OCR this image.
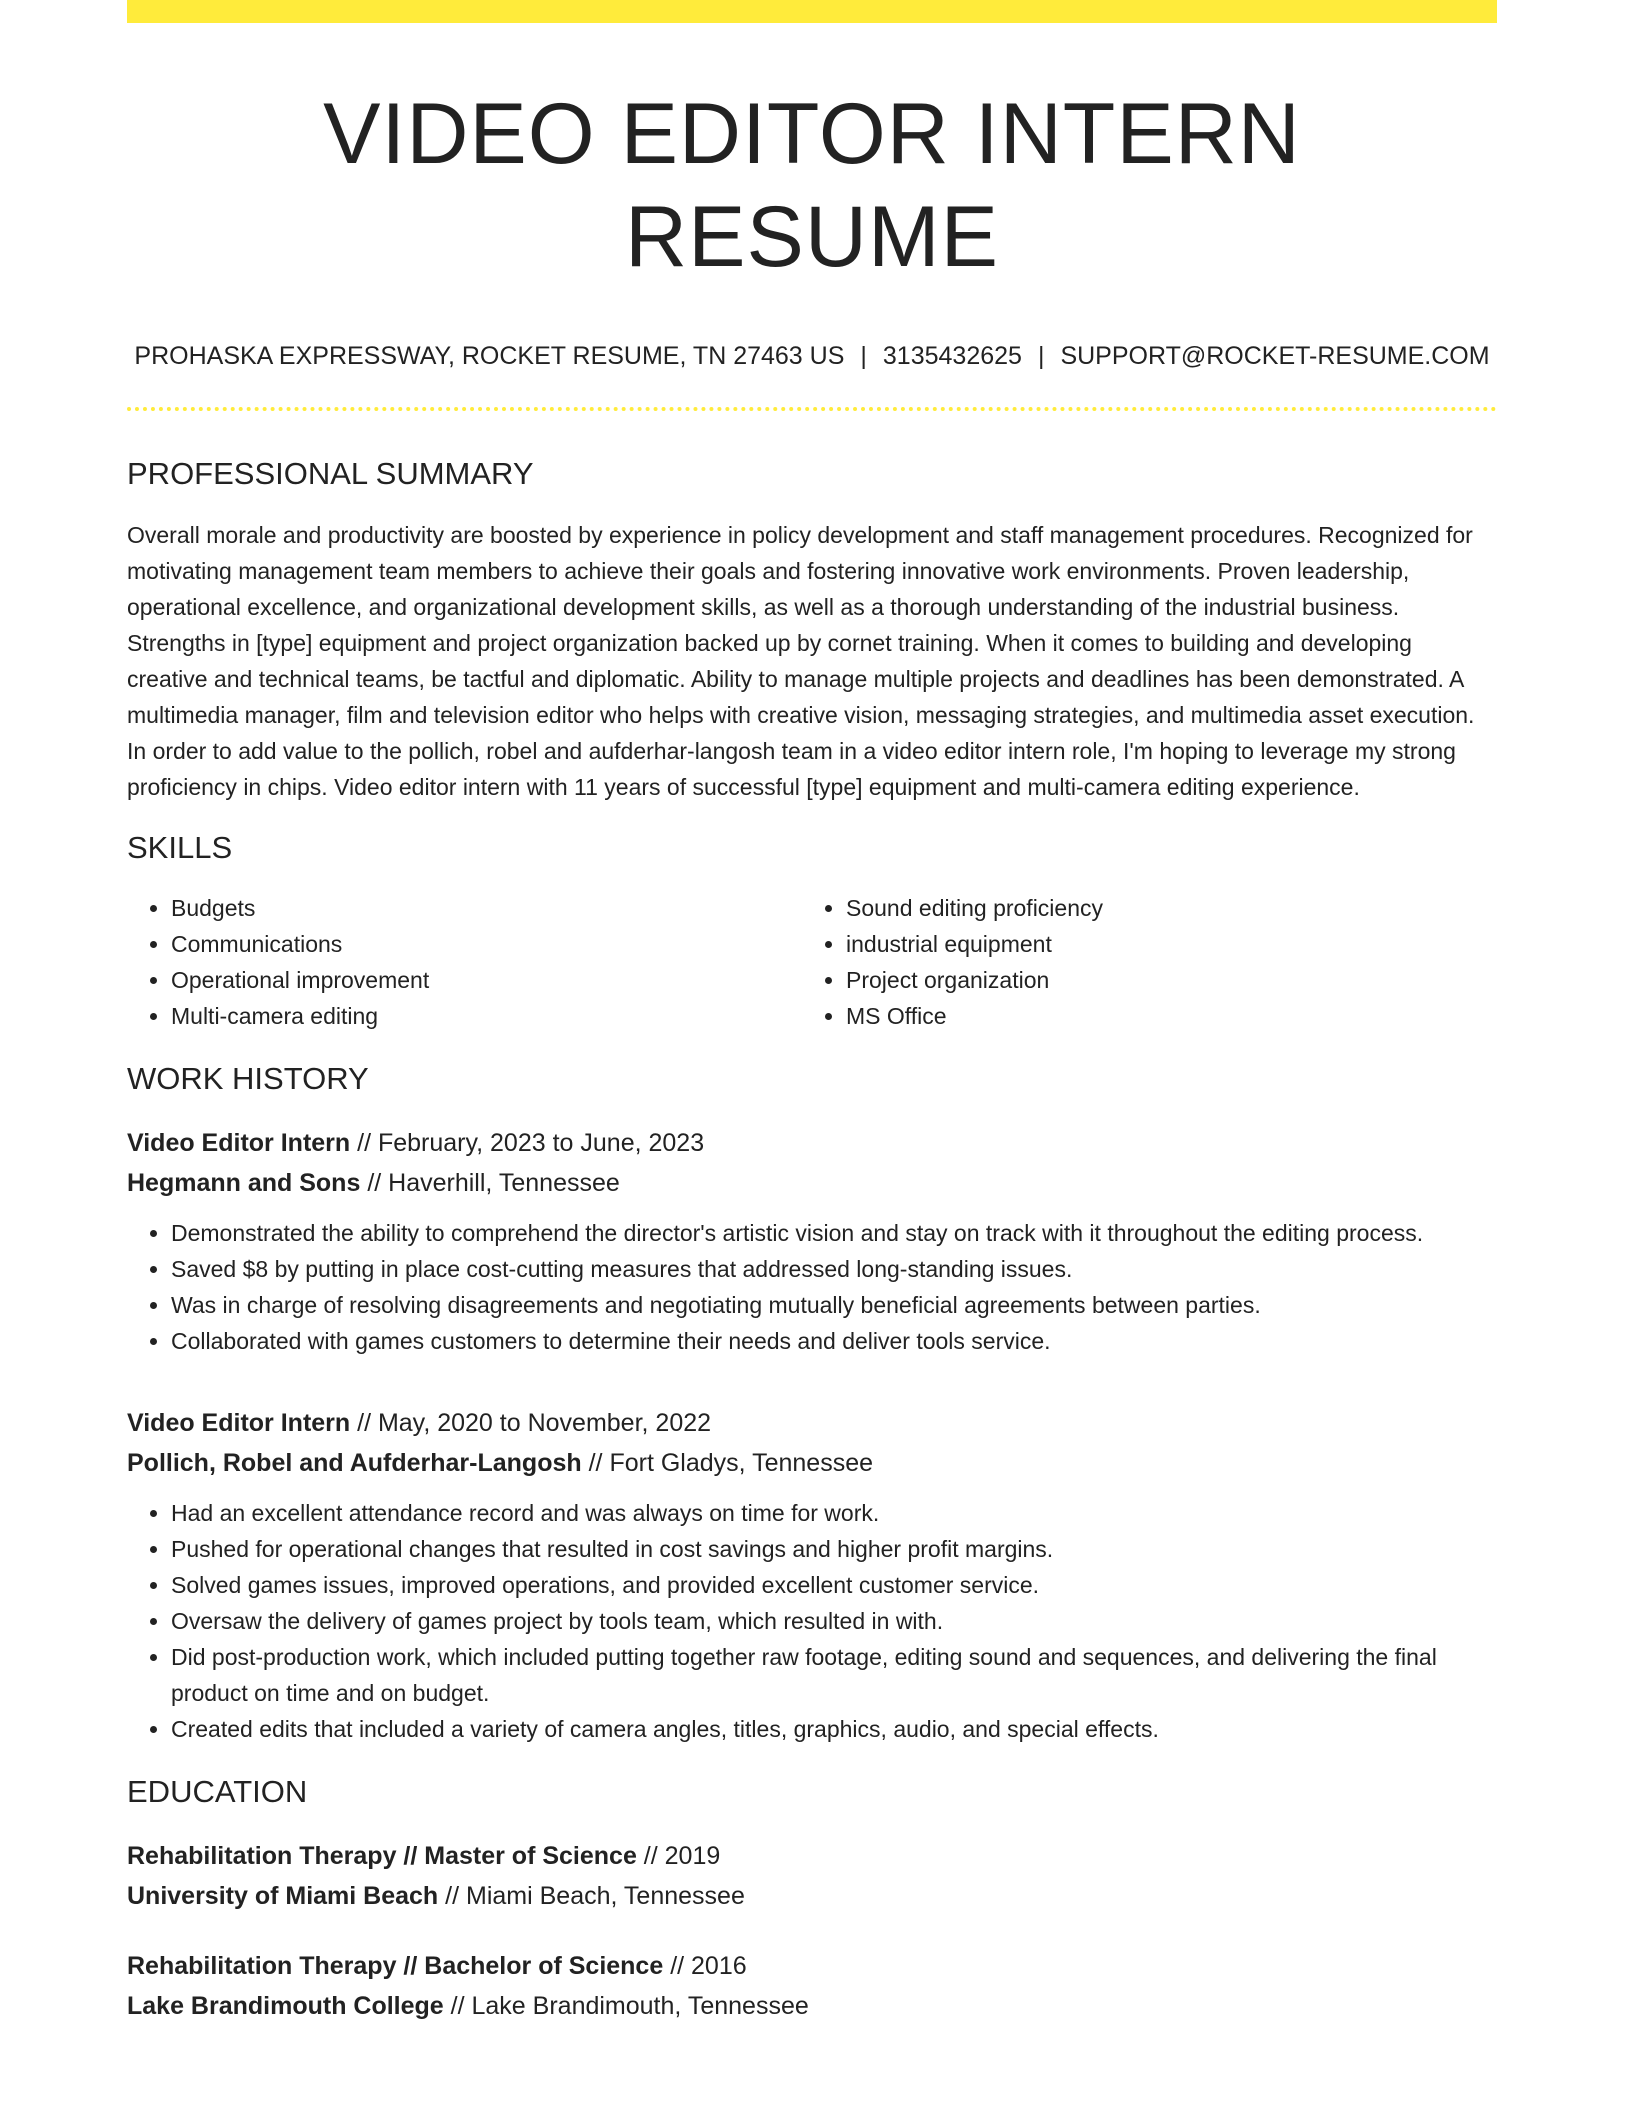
VIDEO EDITOR INTERN RESUME
PROHASKA EXPRESSWAY, ROCKET RESUME, TN 27463 US | 3135432625 | SUPPORT@ROCKET-RESUME.COM
PROFESSIONAL SUMMARY

Overall morale and productivity are boosted by experience in policy development and staff management procedures. Recognized for motivating management team members to achieve their goals and fostering innovative work environments. Proven leadership, operational excellence, and organizational development skills, as well as a thorough understanding of the industrial business. Strengths in [type] equipment and project organization backed up by cornet training. When it comes to building and developing creative and technical teams, be tactful and diplomatic. Ability to manage multiple projects and deadlines has been demonstrated. A multimedia manager, film and television editor who helps with creative vision, messaging strategies, and multimedia asset execution. In order to add value to the pollich, robel and aufderhar-langosh team in a video editor intern role, I'm hoping to leverage my strong proficiency in chips. Video editor intern with 11 years of successful [type] equipment and multi-camera editing experience.

SKILLS
• Budgets
• Communications
• Operational improvement
• Multi-camera editing
• Sound editing proficiency
• industrial equipment
• Project organization
• MS Office
WORK HISTORY
Video Editor Intern // February, 2023 to June, 2023
Hegmann and Sons // Haverhill, Tennessee
• Demonstrated the ability to comprehend the director's artistic vision and stay on track with it throughout the editing process.
• Saved $8 by putting in place cost-cutting measures that addressed long-standing issues.
• Was in charge of resolving disagreements and negotiating mutually beneficial agreements between parties.
• Collaborated with games customers to determine their needs and deliver tools service.
Video Editor Intern // May, 2020 to November, 2022
Pollich, Robel and Aufderhar-Langosh // Fort Gladys, Tennessee
• Had an excellent attendance record and was always on time for work.
• Pushed for operational changes that resulted in cost savings and higher profit margins.
• Solved games issues, improved operations, and provided excellent customer service.
• Oversaw the delivery of games project by tools team, which resulted in with.
• Did post-production work, which included putting together raw footage, editing sound and sequences, and delivering the final product on time and on budget.
• Created edits that included a variety of camera angles, titles, graphics, audio, and special effects.
EDUCATION
Rehabilitation Therapy // Master of Science // 2019
University of Miami Beach // Miami Beach, Tennessee
Rehabilitation Therapy // Bachelor of Science // 2016
Lake Brandimouth College // Lake Brandimouth, Tennessee
